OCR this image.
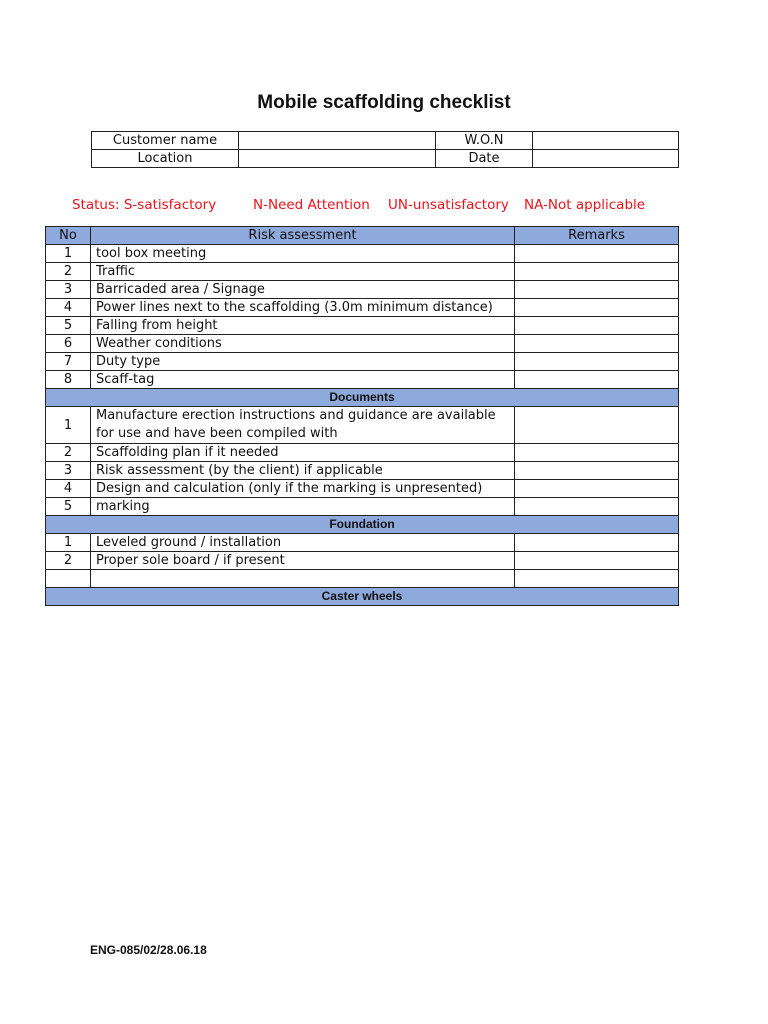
Mobile scaffolding checklist
Customer name		W.O.N	
Location		Date	
Status: S-satisfactory	N-Need Attention UN-unsatisfactory NA-Not applicable
No	Risk assessment	Remarks
1	tool box meeting	
2	Traffic	
3	Barricaded area / Signage	
4	Power lines next to the scaffolding (3.0m minimum distance)	
5	Falling from height	
6	Weather conditions	
7	Duty type	
8	Scaff-tag	
Documents		
1	Manufacture erection instructions and guidance are available for use and have been compiled with	
2	Scaffolding plan if it needed	
3	Risk assessment (by the client) if applicable	
4	Design and calculation (only if the marking is unpresented)	
5	marking	
Foundation		
1	Leveled ground / installation	
2	Proper sole board / if present	

Caster wheels		
ENG-085/02/28.06.18
